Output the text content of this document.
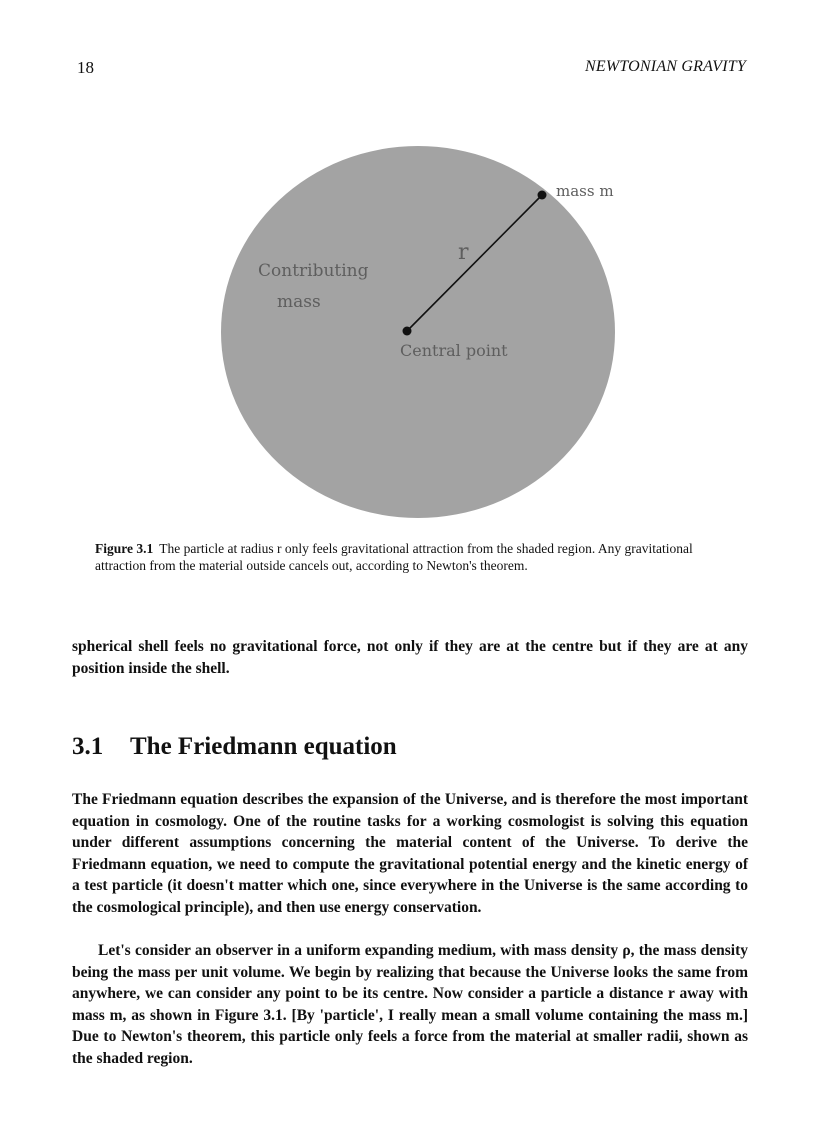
18	NEWTONIAN GRAVITY
mass m
r
Contributing
mass
Central point
Figure 3.1 The particle at radius r only feels gravitational attraction from the shaded region. Any gravitational attraction from the material outside cancels out, according to Newton's theorem.

spherical shell feels no gravitational force, not only if they are at the centre but if they are at any position inside the shell.

3.1 The Friedmann equation

The Friedmann equation describes the expansion of the Universe, and is therefore the most important equation in cosmology. One of the routine tasks for a working cosmologist is solving this equation under different assumptions concerning the material content of the Universe. To derive the Friedmann equation, we need to compute the gravitational potential energy and the kinetic energy of a test particle (it doesn't matter which one, since everywhere in the Universe is the same according to the cosmological principle), and then use energy conservation.

Let's consider an observer in a uniform expanding medium, with mass density ρ, the mass density being the mass per unit volume. We begin by realizing that because the Universe looks the same from anywhere, we can consider any point to be its centre. Now consider a particle a distance r away with mass m, as shown in Figure 3.1. [By 'particle', I really mean a small volume containing the mass m.] Due to Newton's theorem, this particle only feels a force from the material at smaller radii, shown as the shaded region.
